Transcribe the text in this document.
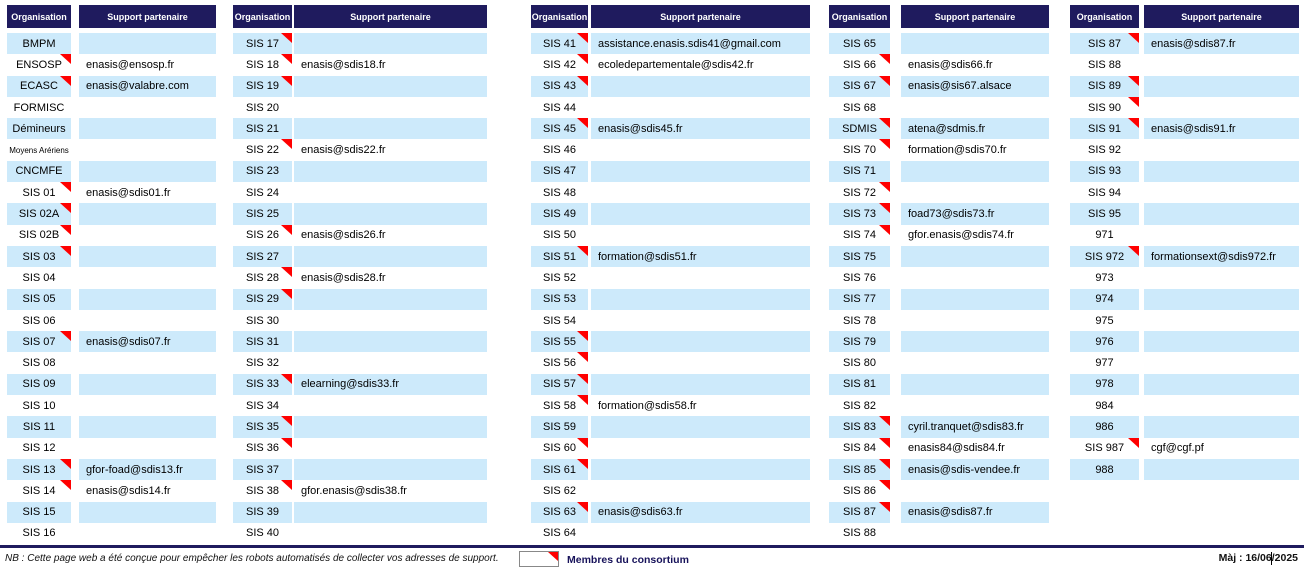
Organisation
BMPM
ENSOSP
ECASC
FORMISC
Démineurs
Moyens Arériens
CNCMFE
SIS 01
SIS 02A
SIS 02B
SIS 03
SIS 04
SIS 05
SIS 06
SIS 07
SIS 08
SIS 09
SIS 10
SIS 11
SIS 12
SIS 13
SIS 14
SIS 15
SIS 16
Support partenaire
enasis@ensosp.fr
enasis@valabre.com
enasis@sdis01.fr
enasis@sdis07.fr
gfor-foad@sdis13.fr
enasis@sdis14.fr
Organisation
SIS 17
SIS 18
SIS 19
SIS 20
SIS 21
SIS 22
SIS 23
SIS 24
SIS 25
SIS 26
SIS 27
SIS 28
SIS 29
SIS 30
SIS 31
SIS 32
SIS 33
SIS 34
SIS 35
SIS 36
SIS 37
SIS 38
SIS 39
SIS 40
Support partenaire
enasis@sdis18.fr
enasis@sdis22.fr
enasis@sdis26.fr
enasis@sdis28.fr
elearning@sdis33.fr
gfor.enasis@sdis38.fr
Organisation
SIS 41
SIS 42
SIS 43
SIS 44
SIS 45
SIS 46
SIS 47
SIS 48
SIS 49
SIS 50
SIS 51
SIS 52
SIS 53
SIS 54
SIS 55
SIS 56
SIS 57
SIS 58
SIS 59
SIS 60
SIS 61
SIS 62
SIS 63
SIS 64
Support partenaire
assistance.enasis.sdis41@gmail.com
ecoledepartementale@sdis42.fr
enasis@sdis45.fr
formation@sdis51.fr
formation@sdis58.fr
enasis@sdis63.fr
Organisation
SIS 65
SIS 66
SIS 67
SIS 68
SDMIS
SIS 70
SIS 71
SIS 72
SIS 73
SIS 74
SIS 75
SIS 76
SIS 77
SIS 78
SIS 79
SIS 80
SIS 81
SIS 82
SIS 83
SIS 84
SIS 85
SIS 86
SIS 87
SIS 88
Support partenaire
enasis@sdis66.fr
enasis@sis67.alsace
atena@sdmis.fr
formation@sdis70.fr
foad73@sdis73.fr
gfor.enasis@sdis74.fr
cyril.tranquet@sdis83.fr
enasis84@sdis84.fr
enasis@sdis-vendee.fr
enasis@sdis87.fr
Organisation
SIS 87
SIS 88
SIS 89
SIS 90
SIS 91
SIS 92
SIS 93
SIS 94
SIS 95
971
SIS 972
973
974
975
976
977
978
984
986
SIS 987
988
Support partenaire
enasis@sdis87.fr
enasis@sdis91.fr
formationsext@sdis972.fr
cgf@cgf.pf
NB : Cette page web a été conçue pour empêcher les robots automatisés de collecter vos adresses de support.	Membres du consortium	Màj : 16/06/2025
